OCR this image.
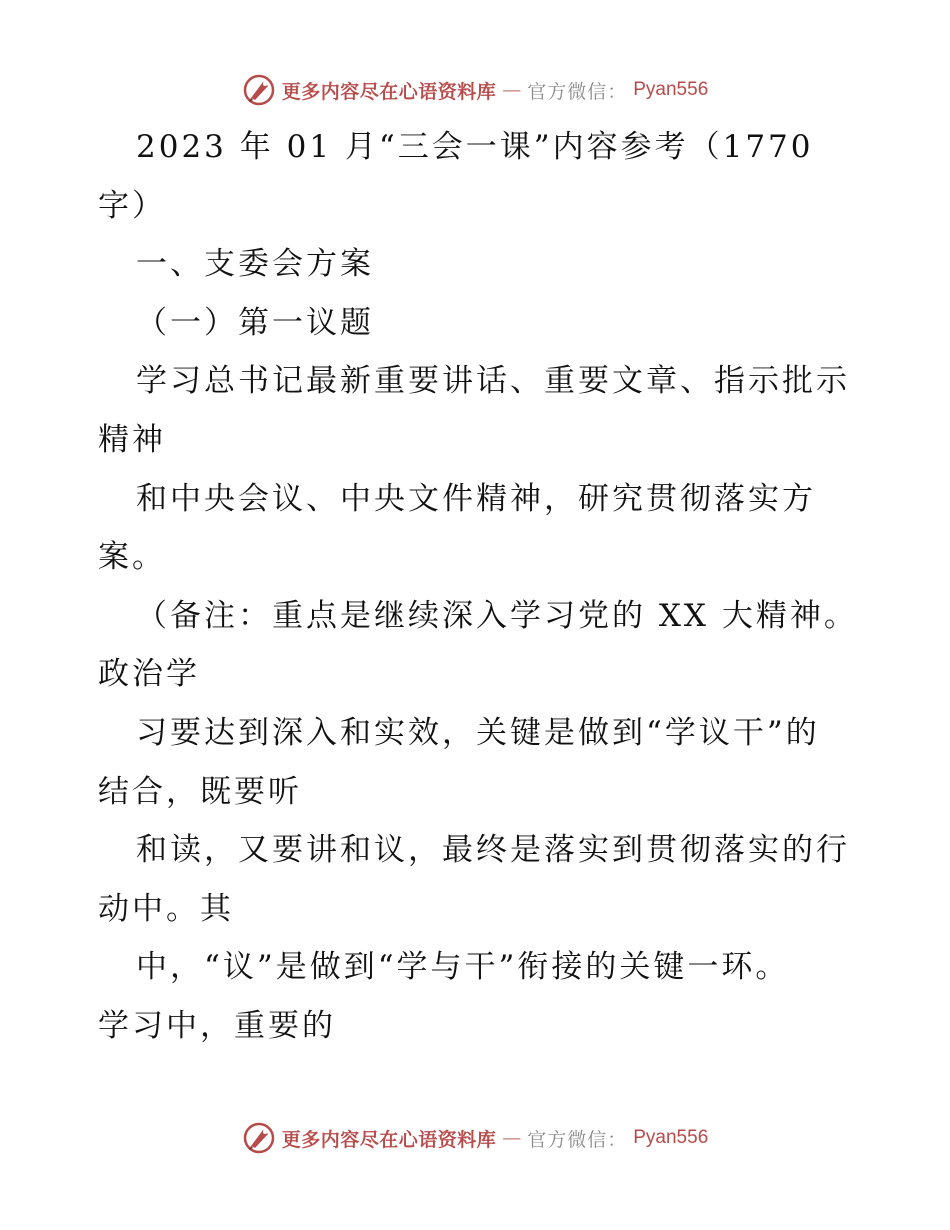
更多内容尽在心语资料库 — 官方微信： Pyan556
2023 年 01 月“三会一课”内容参考（1770
字）
一、支委会方案
（一）第一议题
学习总书记最新重要讲话、重要文章、指示批示
精神
和中央会议、中央文件精神，研究贯彻落实方
案。
（备注：重点是继续深入学习党的 XX 大精神。
政治学
习要达到深入和实效，关键是做到“学议干”的
结合，既要听
和读，又要讲和议，最终是落实到贯彻落实的行
动中。其
中，“议”是做到“学与干”衔接的关键一环。
学习中，重要的
更多内容尽在心语资料库 — 官方微信： Pyan556
